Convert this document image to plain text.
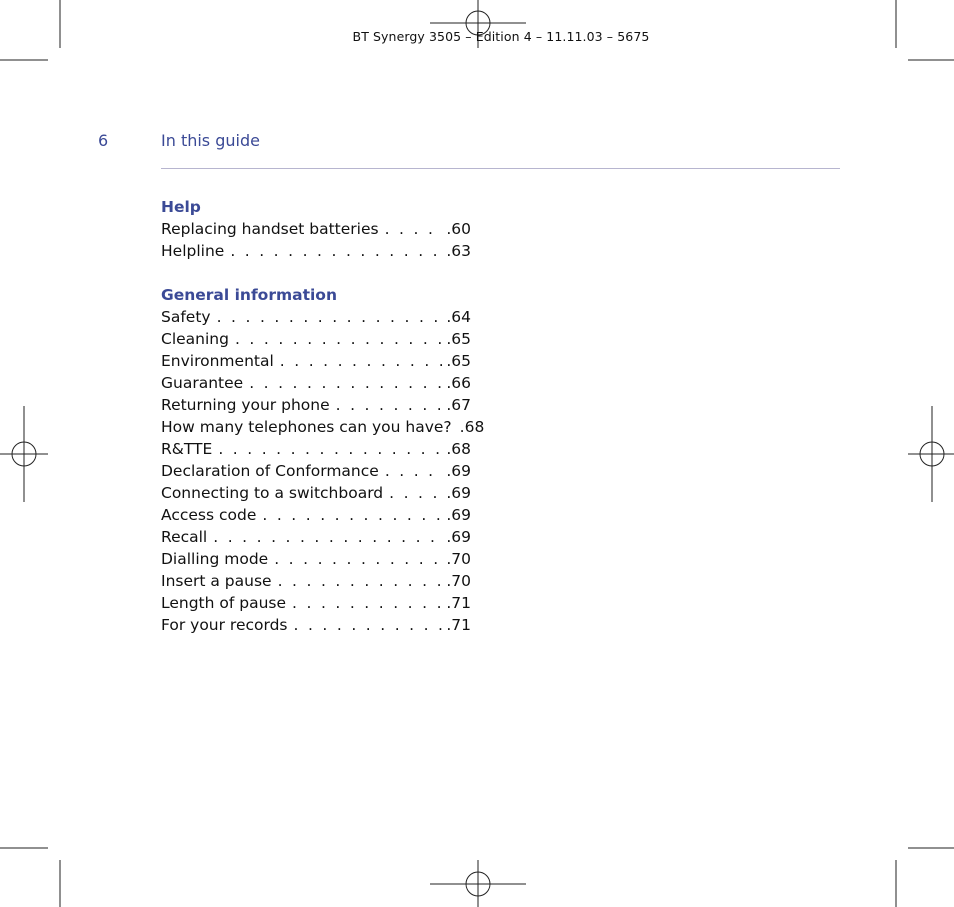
BT Synergy 3505 – Edition 4 – 11.11.03 – 5675
6	In this guide
Help
Replacing handset batteries . . .	.60
Helpline . . .	.63
General information
Safety . . .	.64
Cleaning . . .	.65
Environmental . . .	.65
Guarantee . . .	.66
Returning your phone . . .	.67
How many telephones can you have? .68
R&TTE . . .	.68
Declaration of Conformance . . .	.69
Connecting to a switchboard . . .	.69
Access code . . .	.69
Recall . . .	.69
Dialling mode . . .	.70
Insert a pause . . .	.70
Length of pause . . .	.71
For your records . . .	.71
